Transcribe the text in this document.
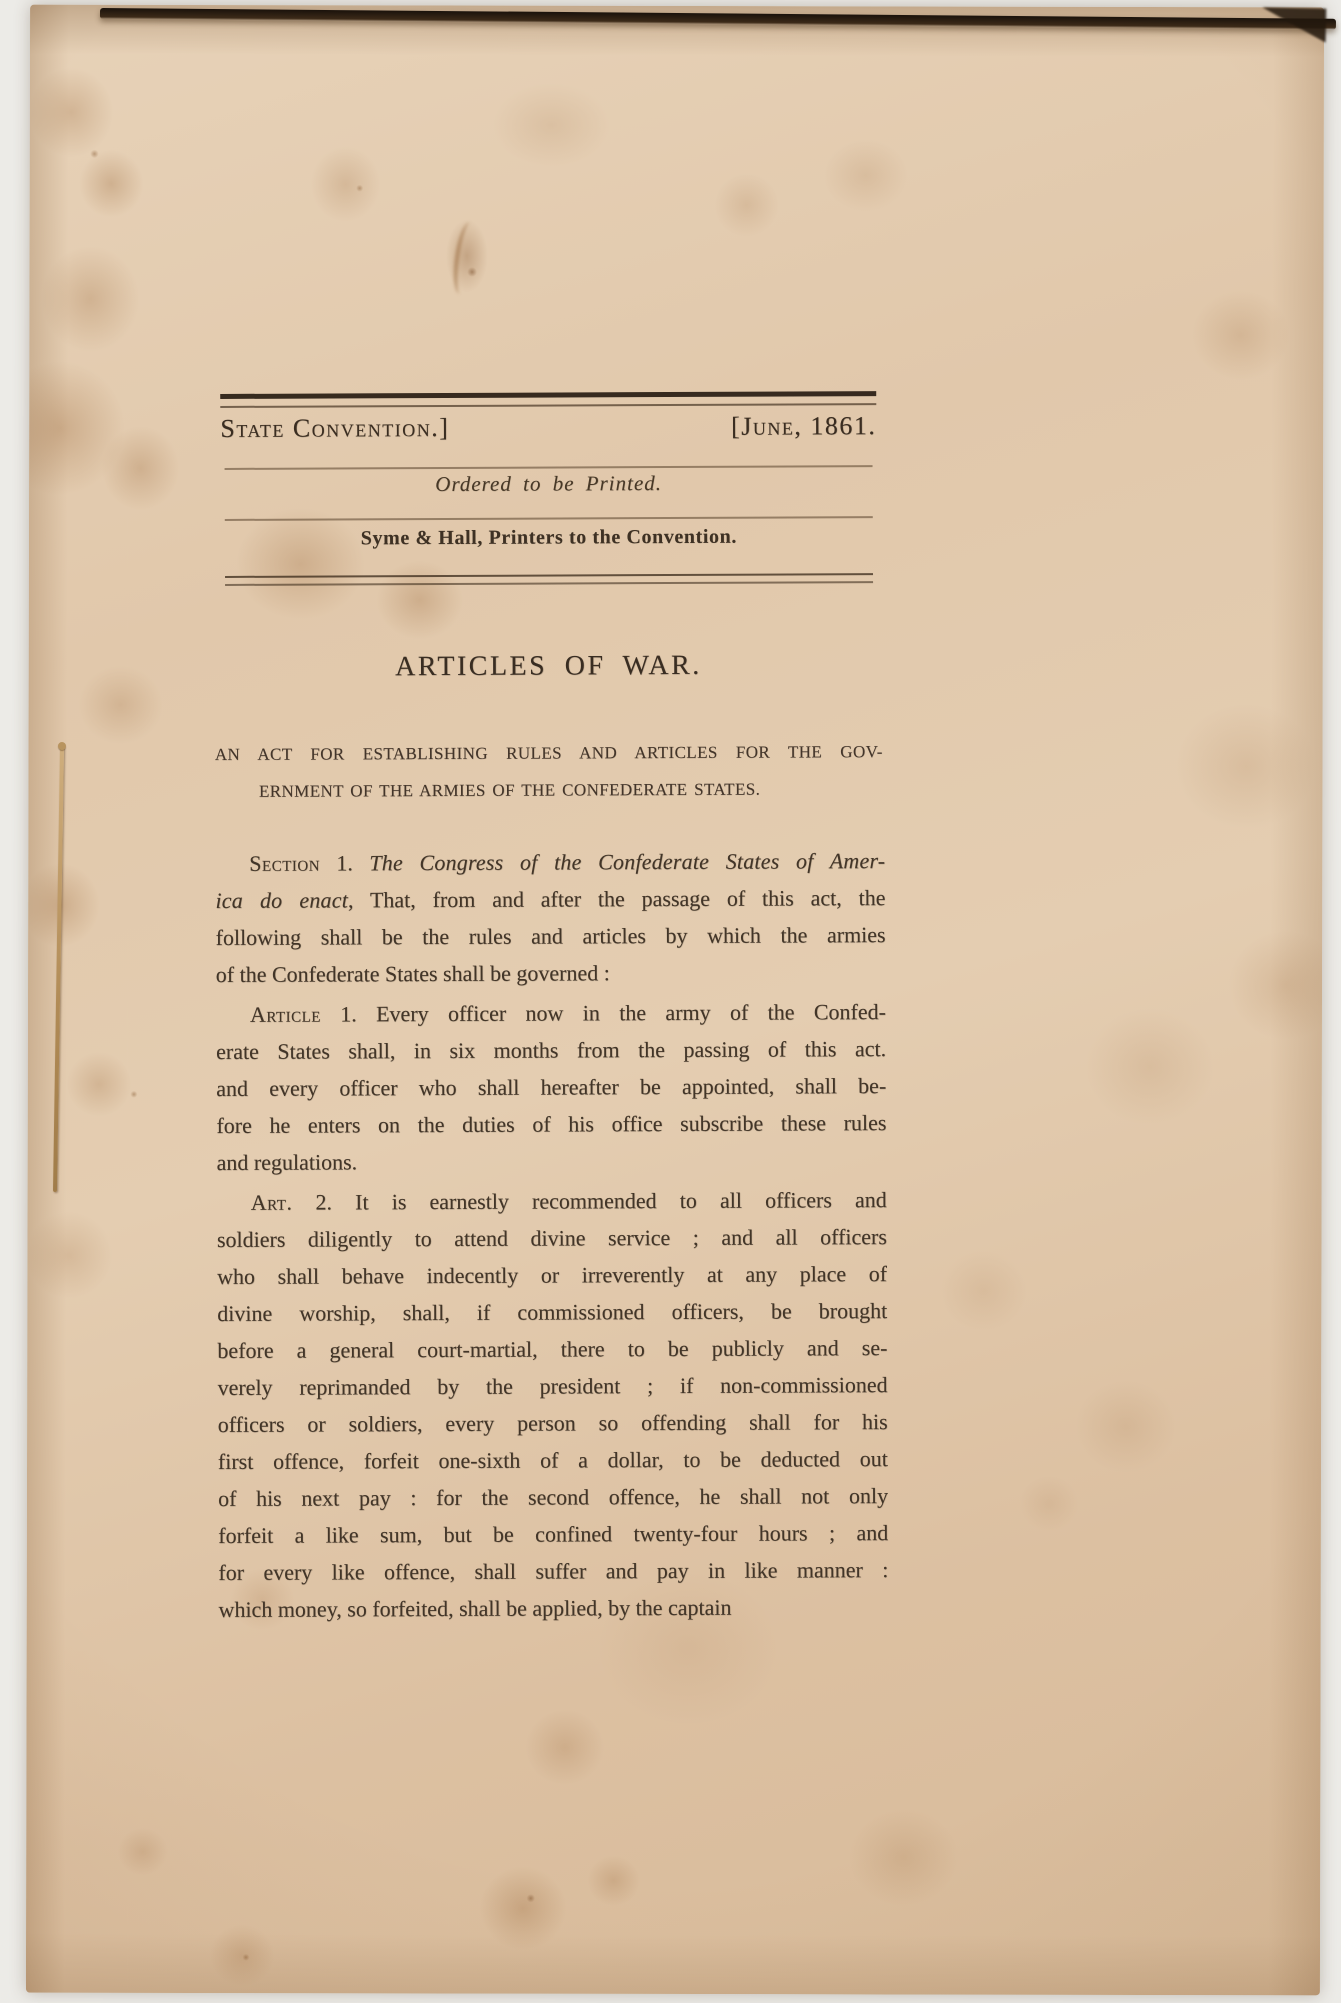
State Convention.]	[June, 1861.
Ordered to be Printed.
Syme & Hall, Printers to the Convention.
ARTICLES OF WAR.
AN ACT FOR ESTABLISHING RULES AND ARTICLES FOR THE GOV-
ERNMENT OF THE ARMIES OF THE CONFEDERATE STATES.
Section 1. The Congress of the Confederate States of Amer-
ica do enact, That, from and after the passage of this act, the
following shall be the rules and articles by which the armies
of the Confederate States shall be governed :
Article 1. Every officer now in the army of the Confed-
erate States shall, in six months from the passing of this act.
and every officer who shall hereafter be appointed, shall be-
fore he enters on the duties of his office subscribe these rules
and regulations.
Art. 2. It is earnestly recommended to all officers and
soldiers diligently to attend divine service ; and all officers
who shall behave indecently or irreverently at any place of
divine worship, shall, if commissioned officers, be brought
before a general court-martial, there to be publicly and se-
verely reprimanded by the president ; if non-commissioned
officers or soldiers, every person so offending shall for his
first offence, forfeit one-sixth of a dollar, to be deducted out
of his next pay : for the second offence, he shall not only
forfeit a like sum, but be confined twenty-four hours ; and
for every like offence, shall suffer and pay in like manner :
which money, so forfeited, shall be applied, by the captain
